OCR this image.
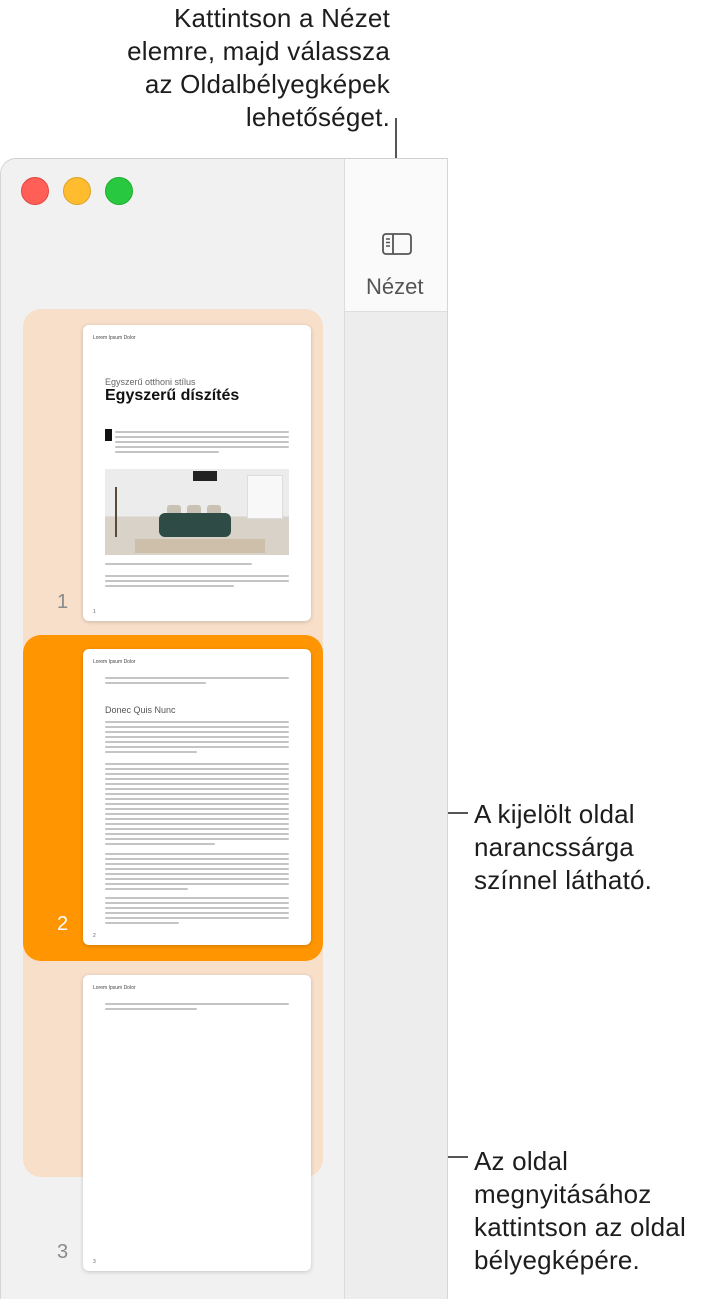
Kattintson a Nézet
elemre, majd válassza
az Oldalbélyegképek
lehetőséget.
A kijelölt oldal
narancssárga
színnel látható.
Az oldal
megnyitásához
kattintson az oldal
bélyegképére.
Lorem Ipsum Dolor
Egyszerű otthoni stílus
Egyszerű díszítés
1
1
Lorem Ipsum Dolor
Donec Quis Nunc
2
2
Lorem Ipsum Dolor
3
3
Nézet
